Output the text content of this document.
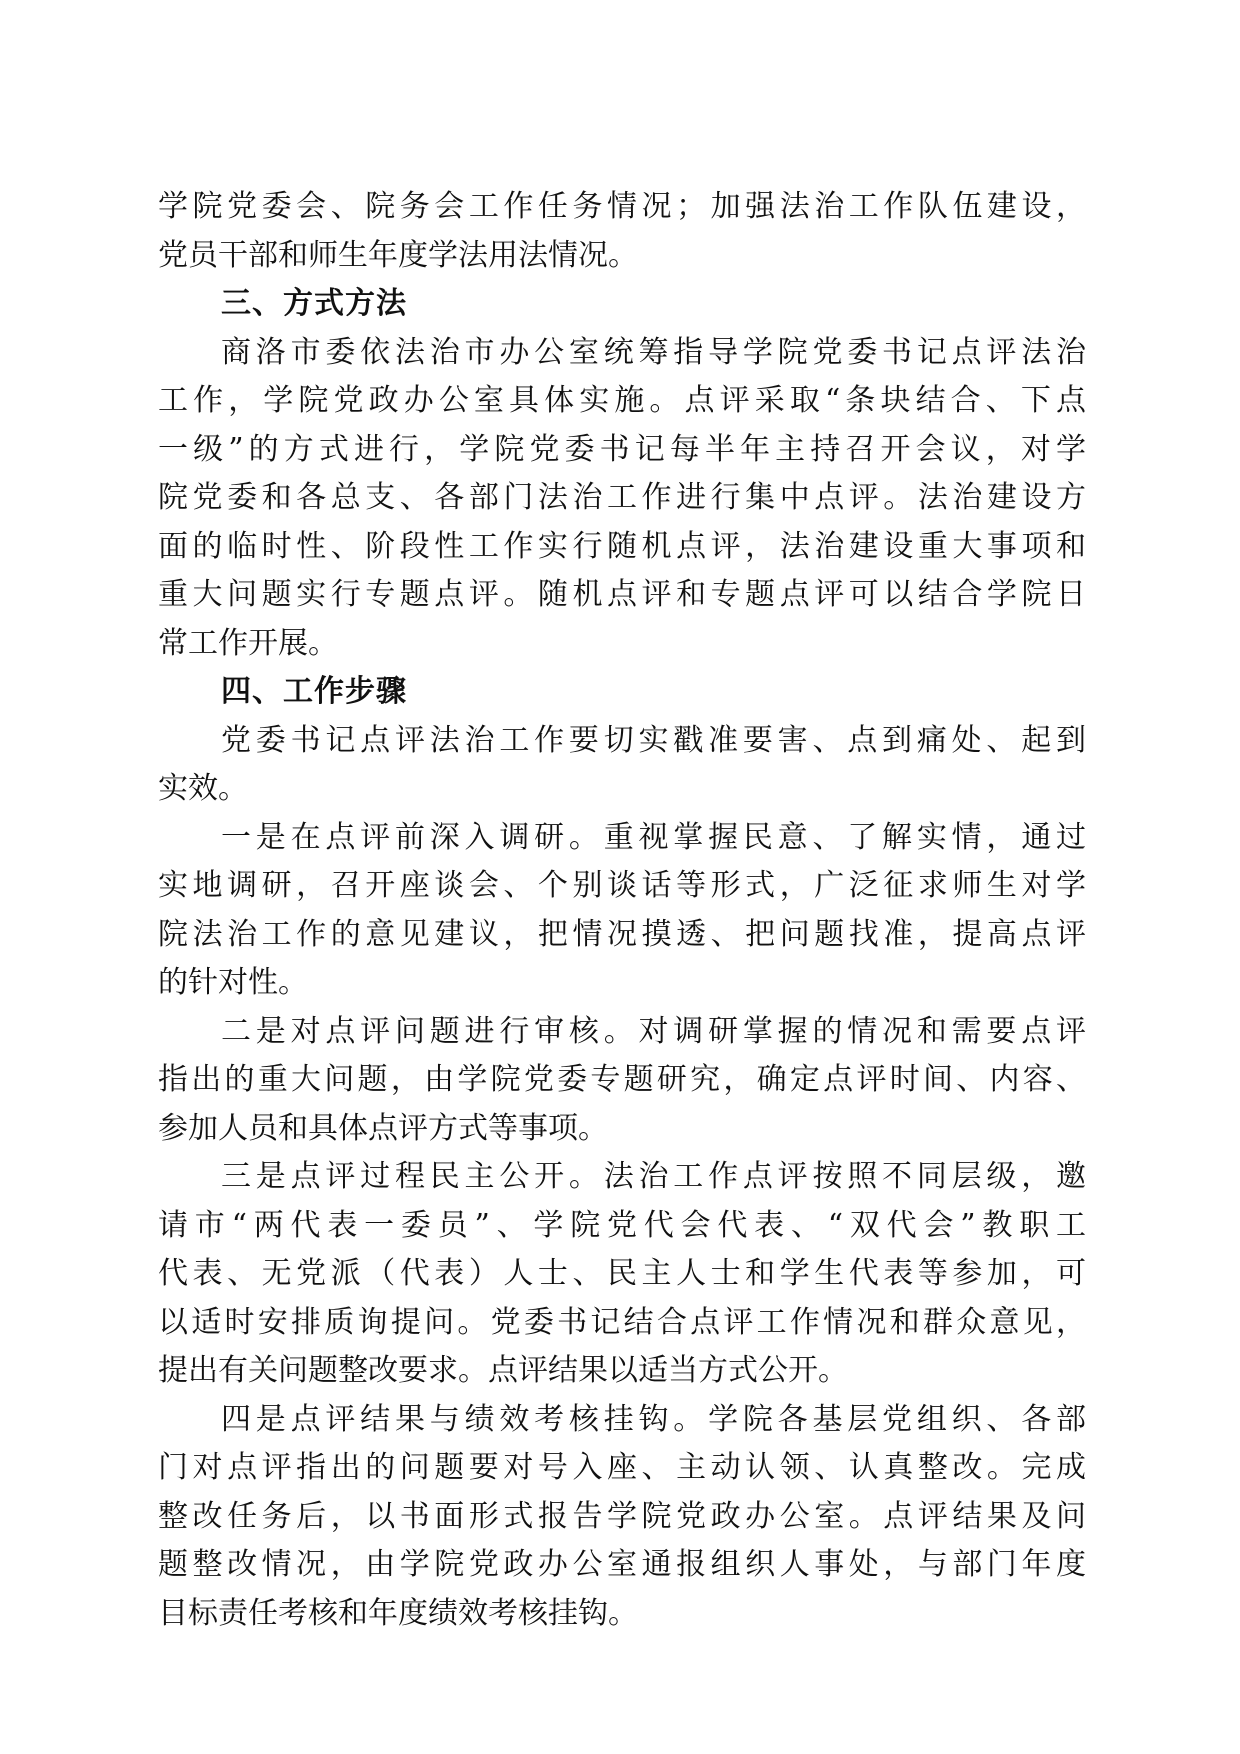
学院党委会、院务会工作任务情况；加强法治工作队伍建设，
党员干部和师生年度学法用法情况。
三、方式方法
商洛市委依法治市办公室统筹指导学院党委书记点评法治
工作，学院党政办公室具体实施。点评采取“条块结合、下点
一级”的方式进行，学院党委书记每半年主持召开会议，对学
院党委和各总支、各部门法治工作进行集中点评。法治建设方
面的临时性、阶段性工作实行随机点评，法治建设重大事项和
重大问题实行专题点评。随机点评和专题点评可以结合学院日
常工作开展。
四、工作步骤
党委书记点评法治工作要切实戳准要害、点到痛处、起到
实效。
一是在点评前深入调研。重视掌握民意、了解实情，通过
实地调研，召开座谈会、个别谈话等形式，广泛征求师生对学
院法治工作的意见建议，把情况摸透、把问题找准，提高点评
的针对性。
二是对点评问题进行审核。对调研掌握的情况和需要点评
指出的重大问题，由学院党委专题研究，确定点评时间、内容、
参加人员和具体点评方式等事项。
三是点评过程民主公开。法治工作点评按照不同层级，邀
请市“两代表一委员”、学院党代会代表、“双代会”教职工
代表、无党派（代表）人士、民主人士和学生代表等参加，可
以适时安排质询提问。党委书记结合点评工作情况和群众意见，
提出有关问题整改要求。点评结果以适当方式公开。
四是点评结果与绩效考核挂钩。学院各基层党组织、各部
门对点评指出的问题要对号入座、主动认领、认真整改。完成
整改任务后，以书面形式报告学院党政办公室。点评结果及问
题整改情况，由学院党政办公室通报组织人事处，与部门年度
目标责任考核和年度绩效考核挂钩。
